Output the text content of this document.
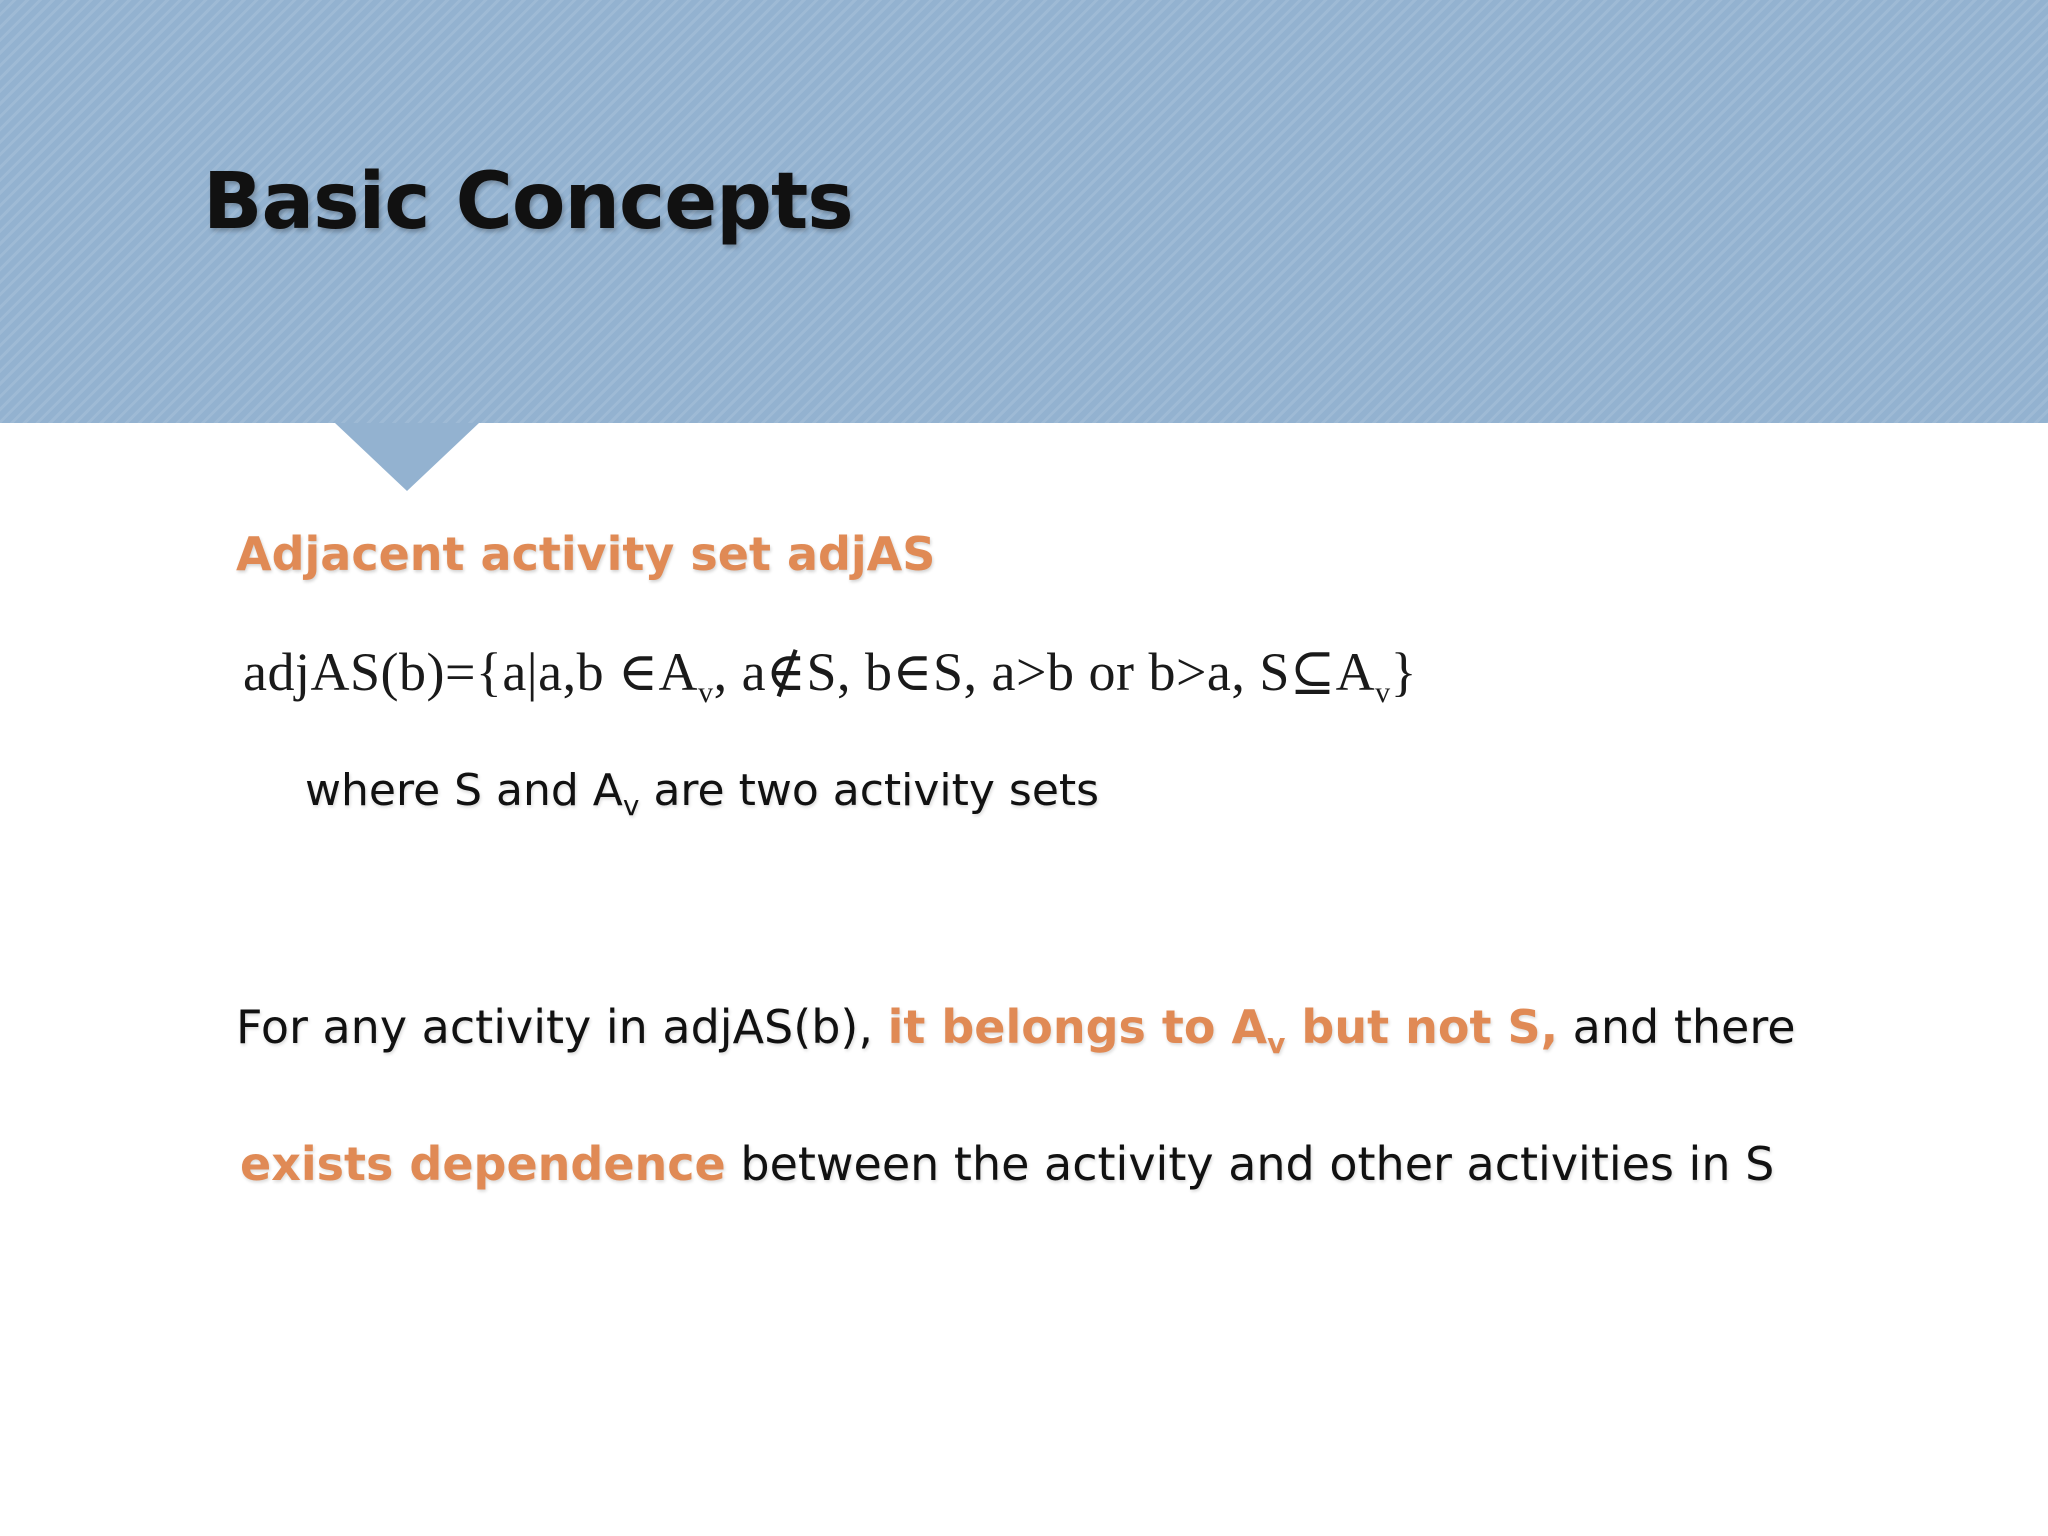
Basic Concepts
Adjacent activity set adjAS
adjAS(b)={a|a,b $\in A_v$, a∉S, b∈S, a>b or b>a, $S⊆A_v$}
where S and $A_v$ are two activity sets
For any activity in adjAS(b), it belongs to $A_v$ but not S, and there
exists dependence between the activity and other activities in S
